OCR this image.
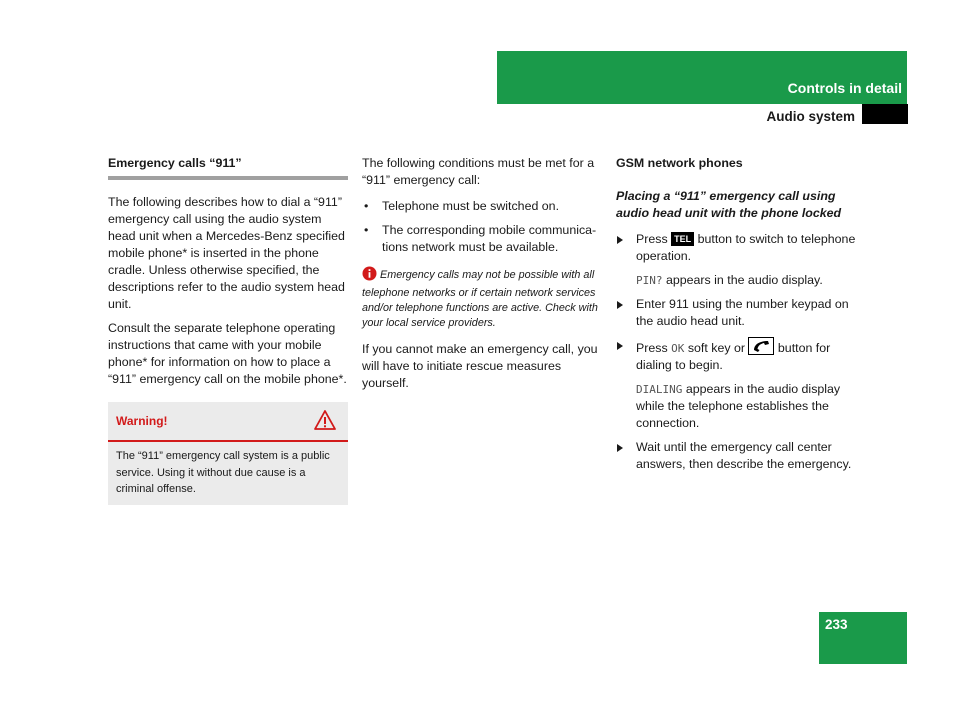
Controls in detail
Audio system
Emergency calls “911”

The following describes how to dial a “911” emergency call using the audio system head unit when a Mercedes-Benz specified mobile phone* is inserted in the phone cradle. Unless otherwise specified, the descriptions refer to the audio system head unit.

Consult the separate telephone operating instructions that came with your mobile phone* for information on how to place a “911” emergency call on the mobile phone*.

Warning!
The “911” emergency call system is a public service. Using it without due cause is a criminal offense.

The following conditions must be met for a “911” emergency call:

• Telephone must be switched on.
• The corresponding mobile communica-tions network must be available.
Emergency calls may not be possible with all telephone networks or if certain network services and/or telephone functions are active. Check with your local service providers.

If you cannot make an emergency call, you will have to initiate rescue measures yourself.

GSM network phones

Placing a “911” emergency call using audio head unit with the phone locked

Press TEL button to switch to telephone operation.
PIN? appears in the audio display.
Enter 911 using the number keypad on the audio head unit.
Press OK soft key or	button for dialing to begin.
DIALING appears in the audio display while the telephone establishes the connection.
Wait until the emergency call center answers, then describe the emergency.
233
